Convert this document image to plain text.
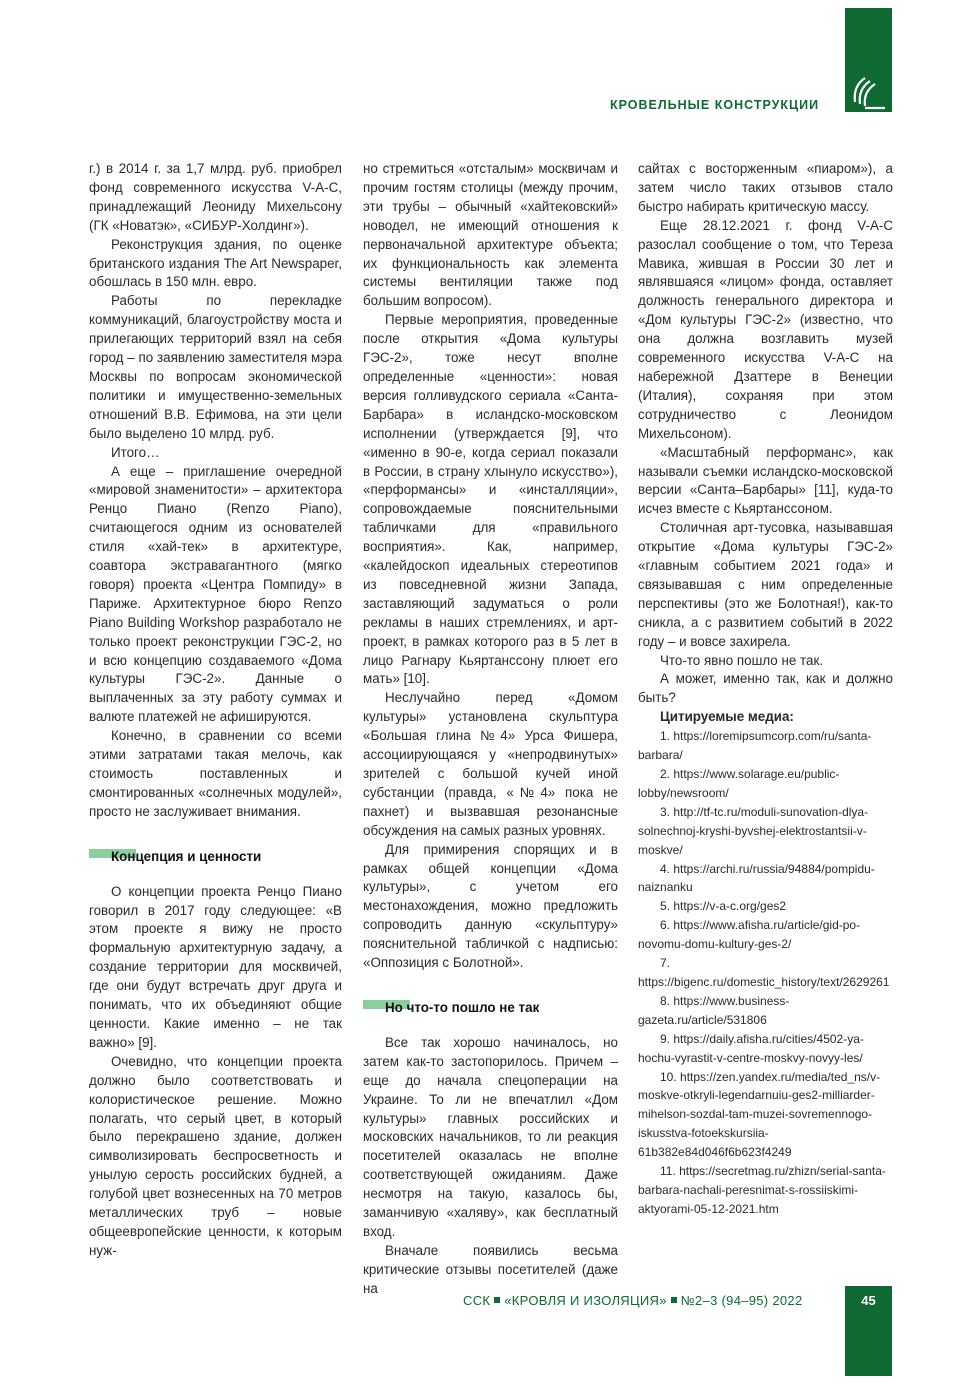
КРОВЕЛЬНЫЕ КОНСТРУКЦИИ

г.) в 2014 г. за 1,7 млрд. руб. приобрел фонд современного искусства V-A-C, принадлежащий Леониду Михельсону (ГК «Новатэк», «СИБУР-Холдинг»).

Реконструкция здания, по оценке британского издания The Art Newspaper, обошлась в 150 млн. евро.

Работы по перекладке коммуникаций, благоустройству моста и прилегающих территорий взял на себя город – по заявлению заместителя мэра Москвы по вопросам экономической политики и имущественно-земельных отношений В.В. Ефимова, на эти цели было выделено 10 млрд. руб.

Итого…

А еще – приглашение очередной «мировой знаменитости» – архитектора Ренцо Пиано (Renzo Piano), считающегося одним из основателей стиля «хай-тек» в архитектуре, соавтора экстравагантного (мягко говоря) проекта «Центра Помпиду» в Париже. Архитектурное бюро Renzo Piano Building Workshop разработало не только проект реконструкции ГЭС-2, но и всю концепцию создаваемого «Дома культуры ГЭС-2». Данные о выплаченных за эту работу суммах и валюте платежей не афишируются.

Конечно, в сравнении со всеми этими затратами такая мелочь, как стоимость поставленных и смонтированных «солнечных модулей», просто не заслуживает внимания.

Концепция и ценности

О концепции проекта Ренцо Пиано говорил в 2017 году следующее: «В этом проекте я вижу не просто формальную архитектурную задачу, а создание территории для москвичей, где они будут встречать друг друга и понимать, что их объединяют общие ценности. Какие именно – не так важно» [9].

Очевидно, что концепции проекта должно было соответствовать и колористическое решение. Можно полагать, что серый цвет, в который было перекрашено здание, должен символизировать беспросветность и унылую серость российских будней, а голубой цвет вознесенных на 70 метров металлических труб – новые общеевропейские ценности, к которым нуж-

но стремиться «отсталым» москвичам и прочим гостям столицы (между прочим, эти трубы – обычный «хайтековский» новодел, не имеющий отношения к первоначальной архитектуре объекта; их функциональность как элемента системы вентиляции также под большим вопросом).

Первые мероприятия, проведенные после открытия «Дома культуры ГЭС-2», тоже несут вполне определенные «ценности»: новая версия голливудского сериала «Санта-Барбара» в исландско-московском исполнении (утверждается [9], что «именно в 90-е, когда сериал показали в России, в страну хлынуло искусство»), «перформансы» и «инсталляции», сопровождаемые пояснительными табличками для «правильного восприятия». Как, например, «калейдоскоп идеальных стереотипов из повседневной жизни Запада, заставляющий задуматься о роли рекламы в наших стремлениях, и арт-проект, в рамках которого раз в 5 лет в лицо Рагнару Кьяртанссону плюет его мать» [10].

Неслучайно перед «Домом культуры» установлена скульптура «Большая глина №4» Урса Фишера, ассоциирующаяся у «непродвинутых» зрителей с большой кучей иной субстанции (правда, «№4» пока не пахнет) и вызвавшая резонансные обсуждения на самых разных уровнях.

Для примирения спорящих и в рамках общей концепции «Дома культуры», с учетом его местонахождения, можно предложить сопроводить данную «скульптуру» пояснительной табличкой с надписью: «Оппозиция с Болотной».

Но что-то пошло не так

Все так хорошо начиналось, но затем как-то застопорилось. Причем – еще до начала спецоперации на Украине. То ли не впечатлил «Дом культуры» главных российских и московских начальников, то ли реакция посетителей оказалась не вполне соответствующей ожиданиям. Даже несмотря на такую, казалось бы, заманчивую «халяву», как бесплатный вход.

Вначале появились весьма критические отзывы посетителей (даже на

сайтах с восторженным «пиаром»), а затем число таких отзывов стало быстро набирать критическую массу.

Еще 28.12.2021 г. фонд V-A-C разослал сообщение о том, что Тереза Мавика, жившая в России 30 лет и являвшаяся «лицом» фонда, оставляет должность генерального директора и «Дом культуры ГЭС-2» (известно, что она должна возглавить музей современного искусства V-A-C на набережной Дзаттере в Венеции (Италия), сохраняя при этом сотрудничество с Леонидом Михельсоном).

«Масштабный перформанс», как называли съемки исландско-московской версии «Санта–Барбары» [11], куда-то исчез вместе с Кьяртанссоном.

Столичная арт-тусовка, называвшая открытие «Дома культуры ГЭС-2» «главным событием 2021 года» и связывавшая с ним определенные перспективы (это же Болотная!), как-то сникла, а с развитием событий в 2022 году – и вовсе захирела.

Что-то явно пошло не так.

А может, именно так, как и должно быть?

Цитируемые медиа:

1. https://loremipsumcorp.com/ru/santa-barbara/

2. https://www.solarage.eu/public-lobby/newsroom/

3. http://tf-tc.ru/moduli-sunovation-dlya-solnechnoj-kryshi-byvshej-elektrostantsii-v-moskve/

4. https://archi.ru/russia/94884/pompidu-naiznanku

5. https://v-a-c.org/ges2

6. https://www.afisha.ru/article/gid-po-novomu-domu-kultury-ges-2/

7. https://bigenc.ru/domestic_history/text/2629261

8. https://www.business-gazeta.ru/article/531806

9. https://daily.afisha.ru/cities/4502-ya-hochu-vyrastit-v-centre-moskvy-novyy-les/

10. https://zen.yandex.ru/media/ted_ns/v-moskve-otkryli-legendarnuiu-ges2-milliarder-mihelson-sozdal-tam-muzei-sovremennogo-iskusstva-fotoekskursiia-61b382e84d046f6b623f4249

11. https://secretmag.ru/zhizn/serial-santa-barbara-nachali-peresnimat-s-rossiiskimi-aktyorami-05-12-2021.htm

ССК «КРОВЛЯ И ИЗОЛЯЦИЯ» №2–3 (94–95) 2022	45
